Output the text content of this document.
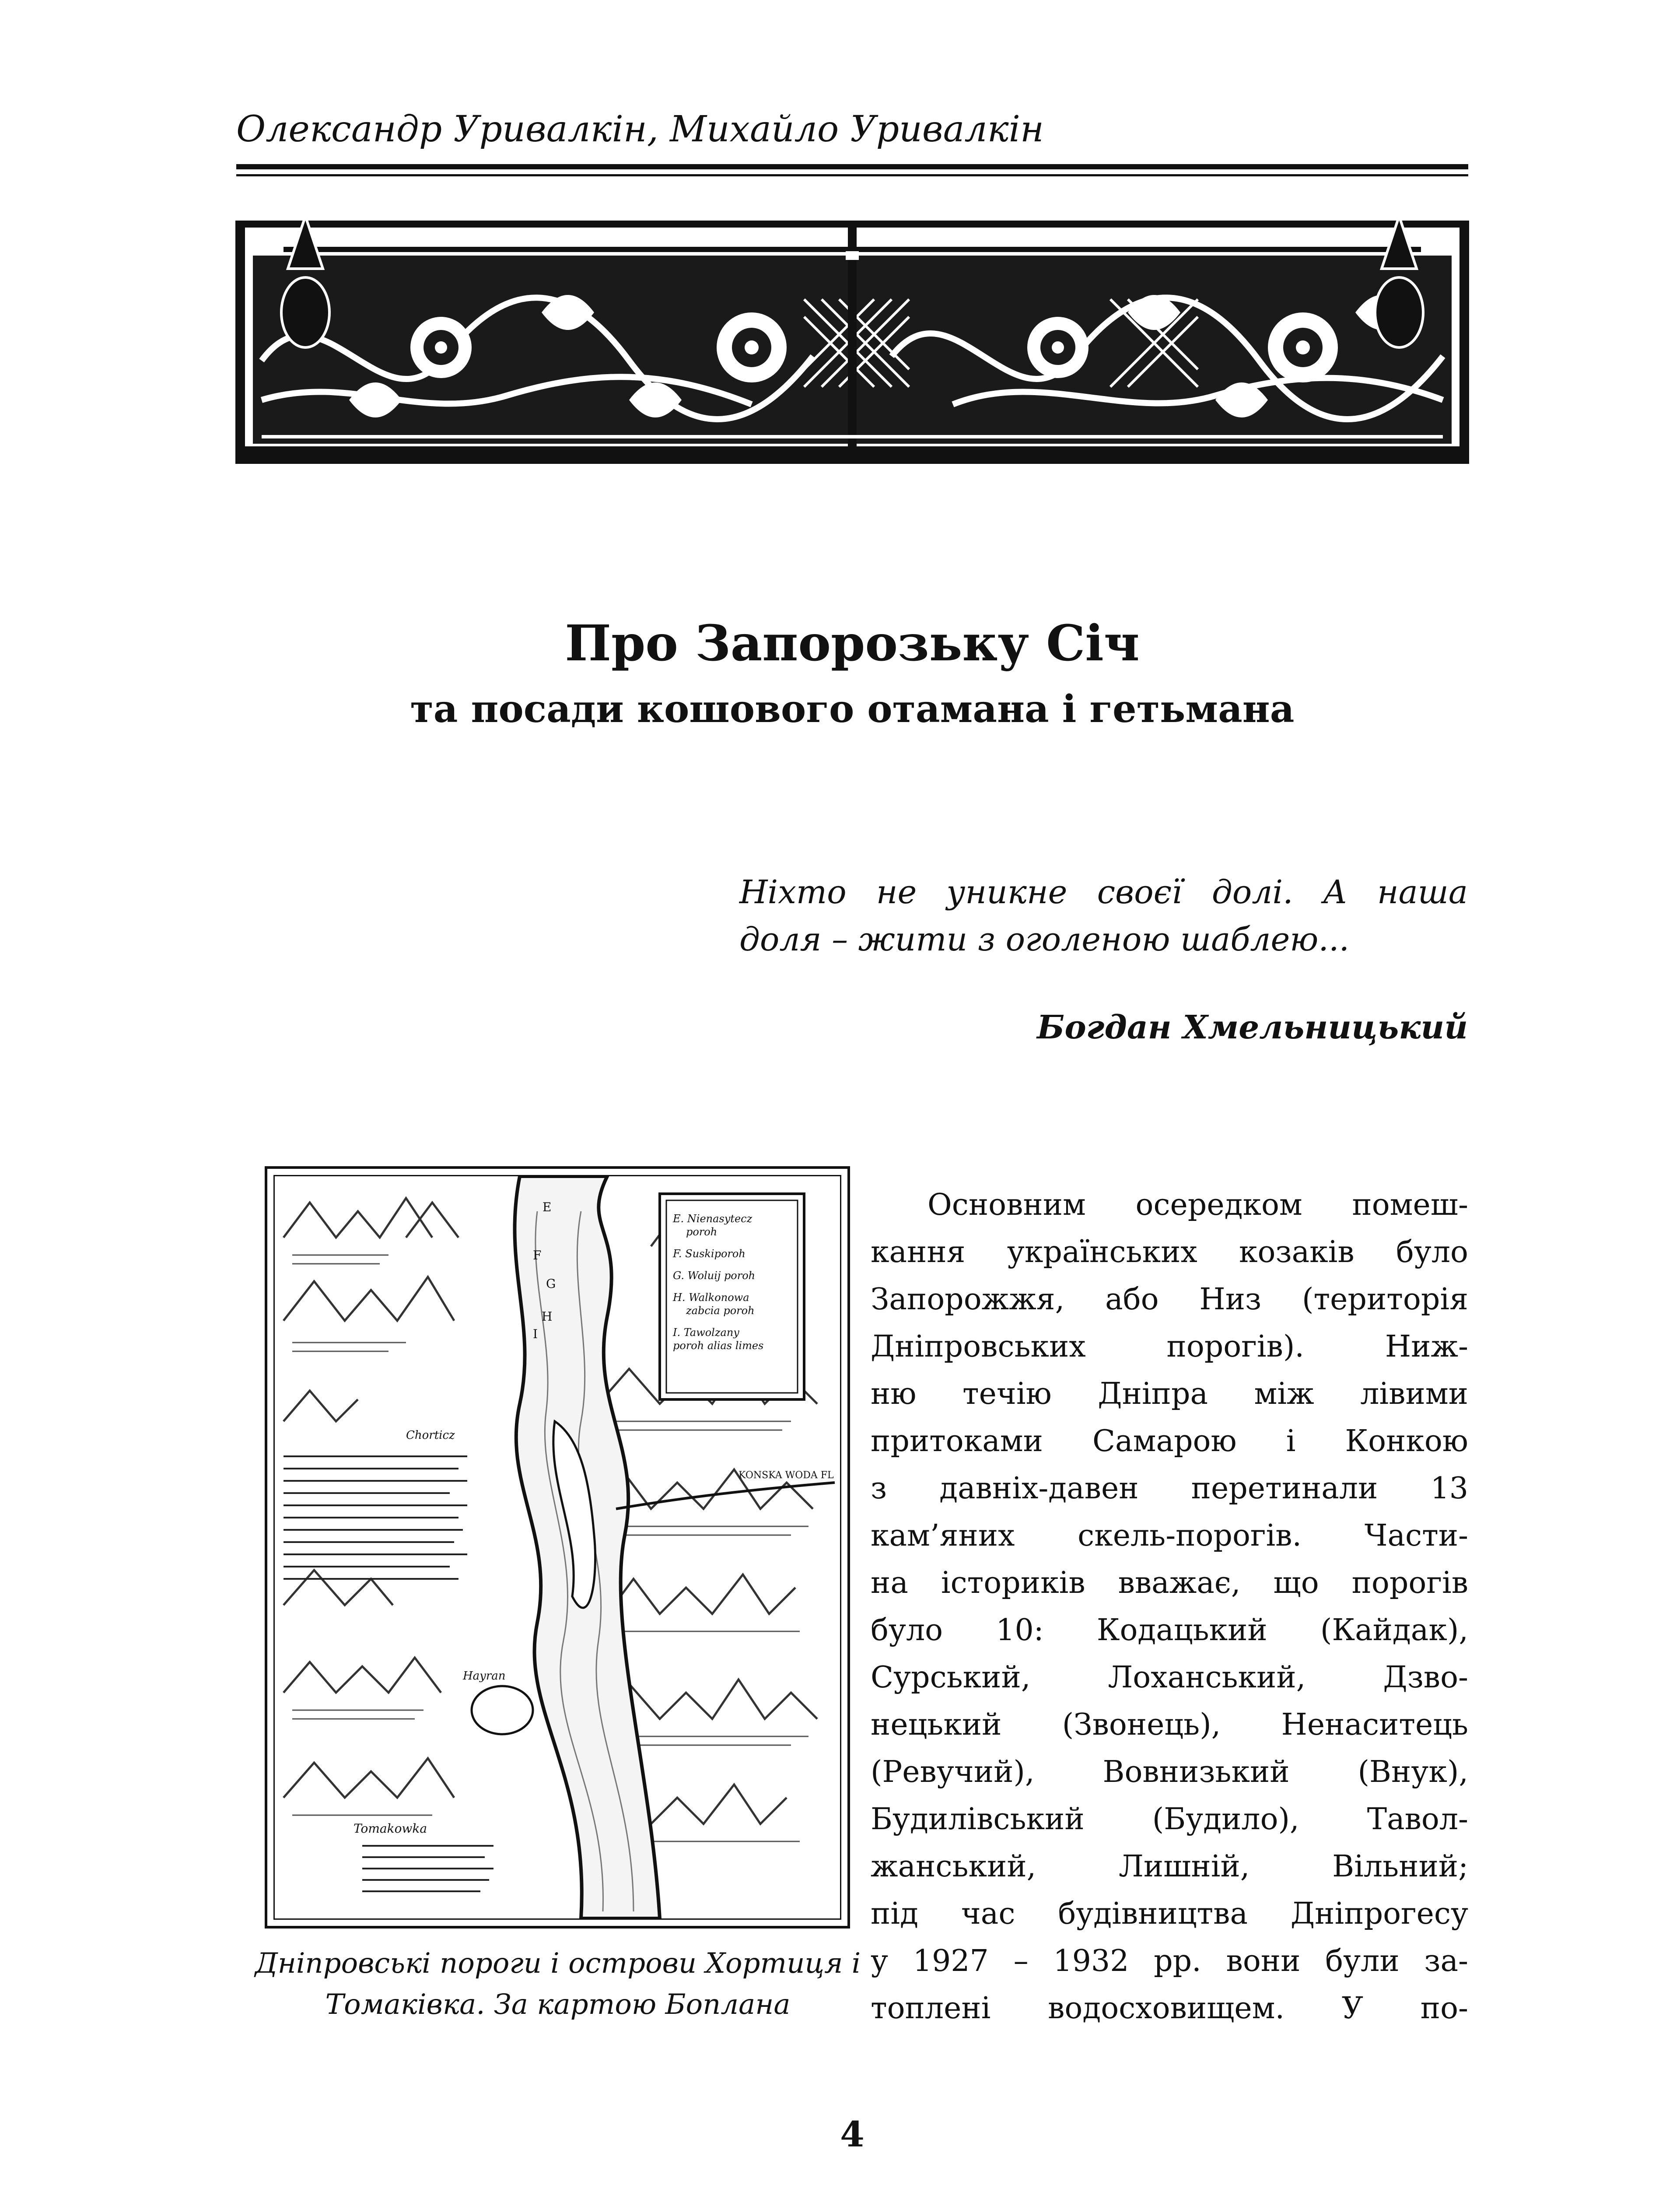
Олександр Уривалкін, Михайло Уривалкін
Про Запорозьку Січ
та посади кошового отамана і гетьмана
Ніхто не уникне своєї долі. А наша
доля – жити з оголеною шаблею...
Богдан Хмельницький
E
F
G
H
I
E. Nienasytecz
poroh
F. Suskiporoh
G. Woluij poroh
H. Walkonowa
zabcia poroh
I. Tawolzany
poroh alias limes
Chorticz
KONSKA WODA FL
Hayran
Tomakowka
Дніпровські пороги і острови Хортиця і
Томаківка. За картою Боплана
Основним осередком помеш-
кання українських козаків було
Запорожжя, або Низ (територія
Дніпровських порогів). Ниж-
ню течію Дніпра між лівими
притоками Самарою і Конкою
з давніх-давен перетинали 13
кам’яних скель-порогів. Части-
на істориків вважає, що порогів
було 10: Кодацький (Кайдак),
Сурський, Лоханський, Дзво-
нецький (Звонець), Ненаситець
(Ревучий), Вовнизький (Внук),
Будилівський (Будило), Тавол-
жанський, Лишній, Вільний;
під час будівництва Дніпрогесу
у 1927 – 1932 рр. вони були за-
топлені водосховищем. У по-
4
